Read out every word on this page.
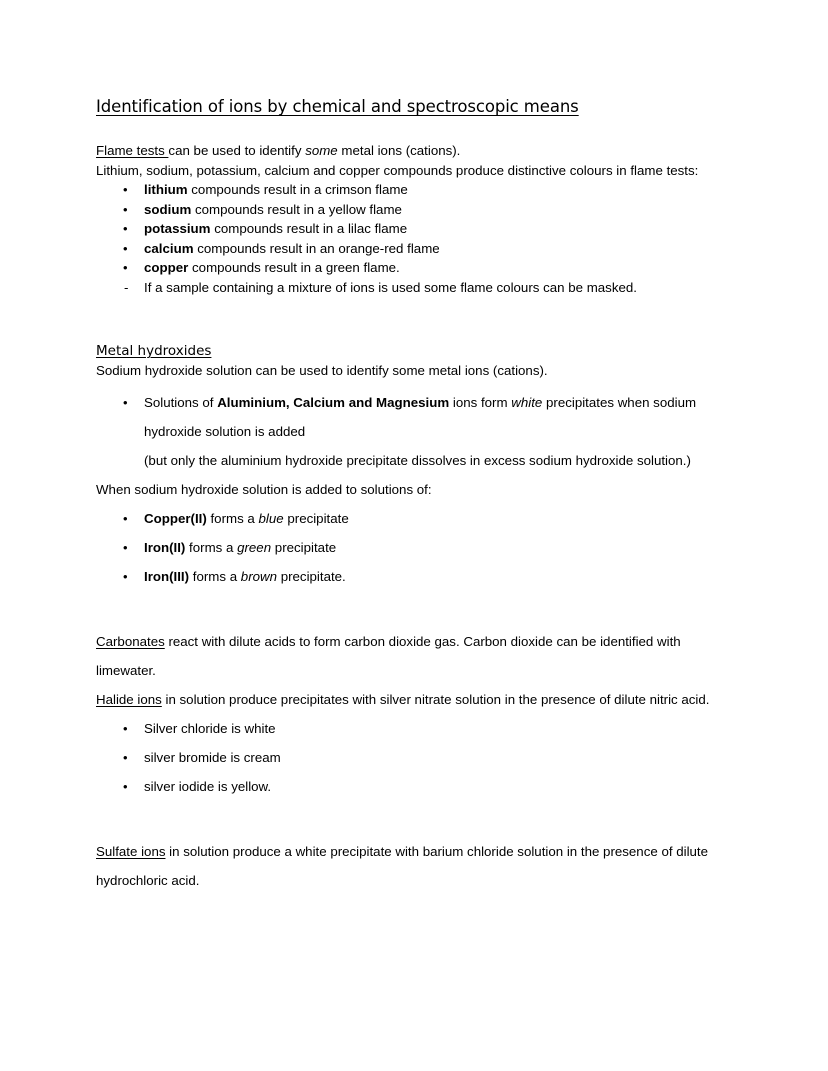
Identification of ions by chemical and spectroscopic means

Flame tests can be used to identify some metal ions (cations).

Lithium, sodium, potassium, calcium and copper compounds produce distinctive colours in flame tests:

• lithium compounds result in a crimson flame
• sodium compounds result in a yellow flame
• potassium compounds result in a lilac flame
• calcium compounds result in an orange-red flame
• copper compounds result in a green flame.
- If a sample containing a mixture of ions is used some flame colours can be masked.
Metal hydroxides

Sodium hydroxide solution can be used to identify some metal ions (cations).

• Solutions of Aluminium, Calcium and Magnesium ions form white precipitates when sodium hydroxide solution is added

(but only the aluminium hydroxide precipitate dissolves in excess sodium hydroxide solution.)

When sodium hydroxide solution is added to solutions of:

• Copper(II) forms a blue precipitate
• Iron(II) forms a green precipitate
• Iron(III) forms a brown precipitate.

Carbonates react with dilute acids to form carbon dioxide gas. Carbon dioxide can be identified with limewater.

Halide ions in solution produce precipitates with silver nitrate solution in the presence of dilute nitric acid.

• Silver chloride is white
• silver bromide is cream
• silver iodide is yellow.

Sulfate ions in solution produce a white precipitate with barium chloride solution in the presence of dilute hydrochloric acid.
